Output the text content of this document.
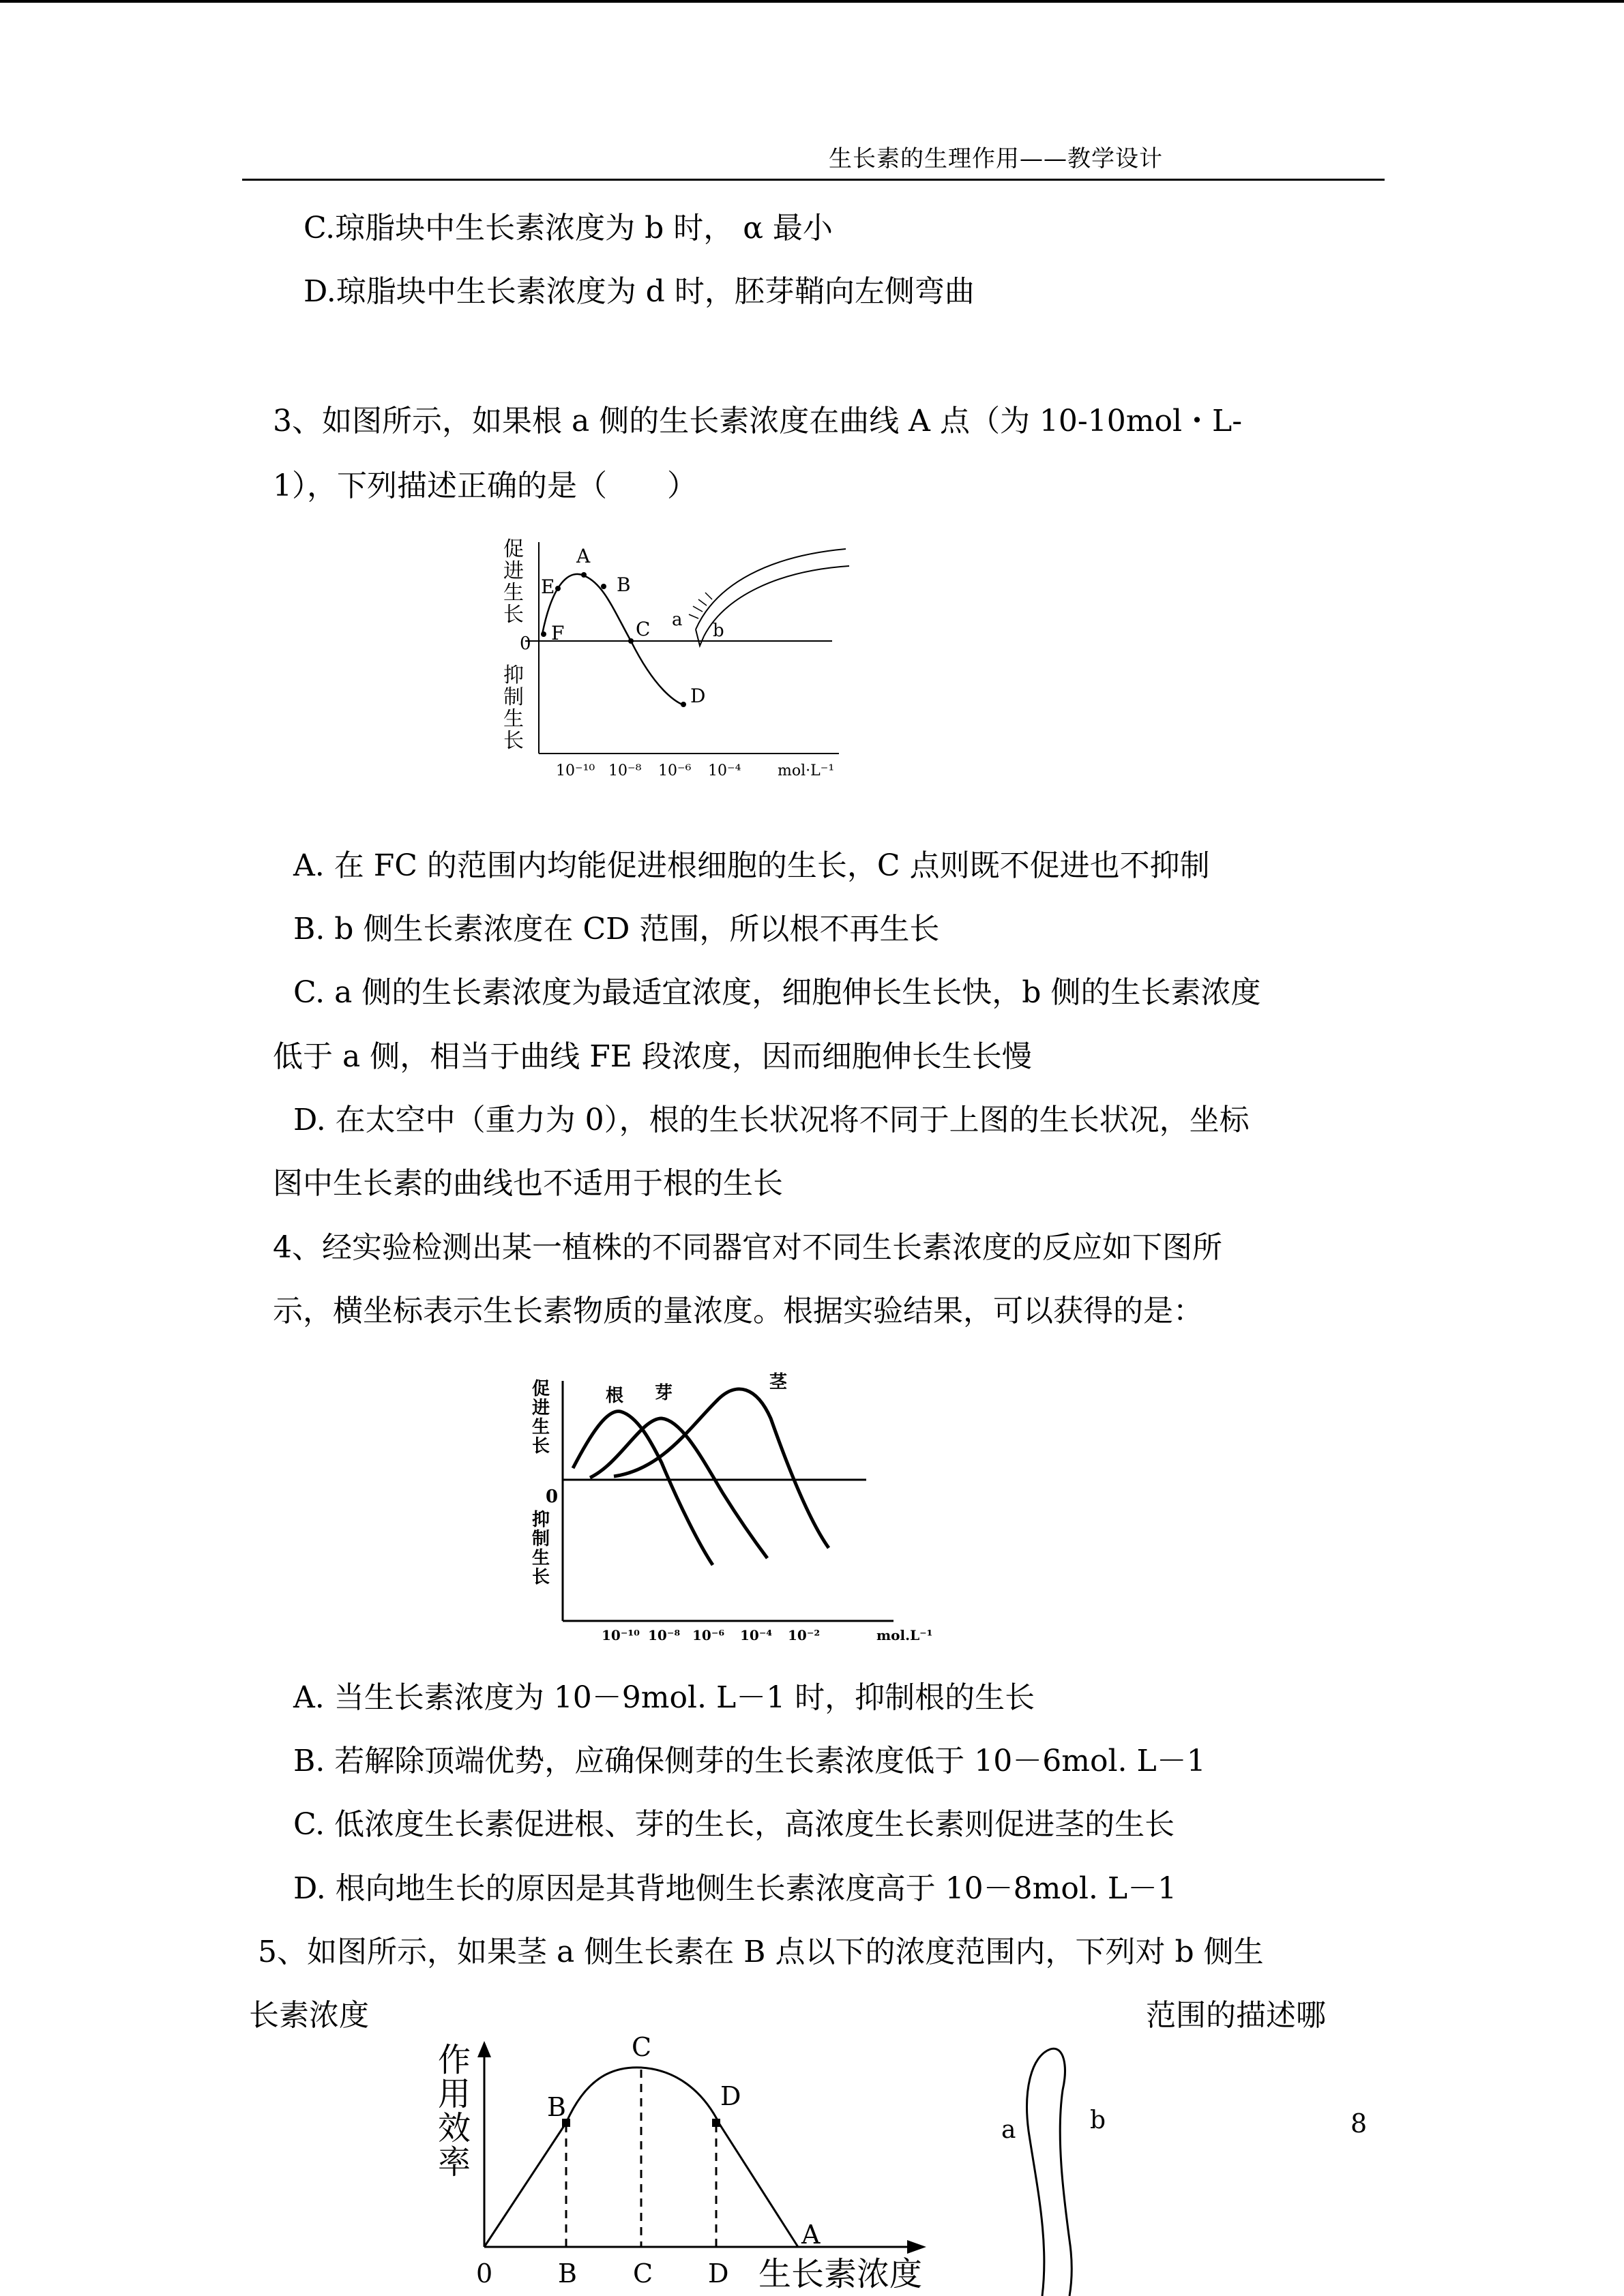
生长素的生理作用——教学设计
C.琼脂块中生长素浓度为 b 时， α 最小
D.琼脂块中生长素浓度为 d 时，胚芽鞘向左侧弯曲
3、如图所示，如果根 a 侧的生长素浓度在曲线 A 点（为 10-10mol・L-
1），下列描述正确的是（　　）
促
进
生
长
抑
制
生
长
0
A
B
C
D
E
F
10⁻¹⁰ 10⁻⁸ 10⁻⁶ 10⁻⁴ mol·L⁻¹
a
b
A. 在 FC 的范围内均能促进根细胞的生长，C 点则既不促进也不抑制
B. b 侧生长素浓度在 CD 范围，所以根不再生长
C. a 侧的生长素浓度为最适宜浓度，细胞伸长生长快，b 侧的生长素浓度
低于 a 侧，相当于曲线 FE 段浓度，因而细胞伸长生长慢
D. 在太空中（重力为 0），根的生长状况将不同于上图的生长状况，坐标
图中生长素的曲线也不适用于根的生长
4、经实验检测出某一植株的不同器官对不同生长素浓度的反应如下图所
示，横坐标表示生长素物质的量浓度。根据实验结果，可以获得的是：
促
进
生
长
抑
制
生
长
0
根 芽
茎
10⁻¹⁰ 10⁻⁸ 10⁻⁶ 10⁻⁴ 10⁻²	mol.L⁻¹
A. 当生长素浓度为 10－9mol. L－1 时，抑制根的生长
B. 若解除顶端优势，应确保侧芽的生长素浓度低于 10－6mol. L－1
C. 低浓度生长素促进根、芽的生长，高浓度生长素则促进茎的生长
D. 根向地生长的原因是其背地侧生长素浓度高于 10－8mol. L－1
5、如图所示，如果茎 a 侧生长素在 B 点以下的浓度范围内，下列对 b 侧生
长素浓度	范围的描述哪
作
用
效
率
A
B
C
D
0	B C D 生长素浓度
a	b	8
